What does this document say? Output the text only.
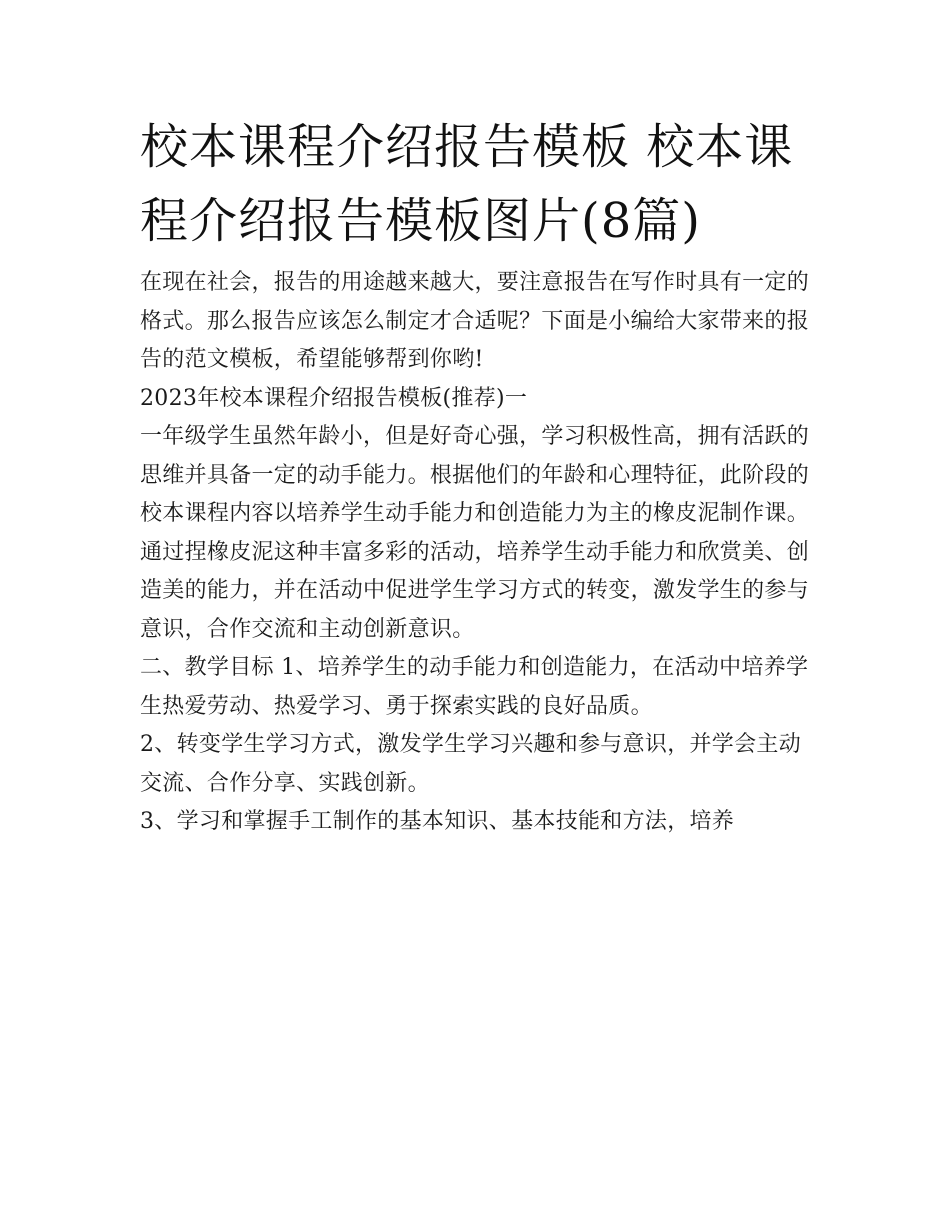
校本课程介绍报告模板 校本课程介绍报告模板图片(8篇)

在现在社会，报告的用途越来越大，要注意报告在写作时具有一定的格式。那么报告应该怎么制定才合适呢？下面是小编给大家带来的报告的范文模板，希望能够帮到你哟!

2023年校本课程介绍报告模板(推荐)一

一年级学生虽然年龄小，但是好奇心强，学习积极性高，拥有活跃的思维并具备一定的动手能力。根据他们的年龄和心理特征，此阶段的校本课程内容以培养学生动手能力和创造能力为主的橡皮泥制作课。通过捏橡皮泥这种丰富多彩的活动，培养学生动手能力和欣赏美、创造美的能力，并在活动中促进学生学习方式的转变，激发学生的参与意识，合作交流和主动创新意识。

二、教学目标 1、培养学生的动手能力和创造能力，在活动中培养学生热爱劳动、热爱学习、勇于探索实践的良好品质。

2、转变学生学习方式，激发学生学习兴趣和参与意识，并学会主动交流、合作分享、实践创新。

3、学习和掌握手工制作的基本知识、基本技能和方法，培养
